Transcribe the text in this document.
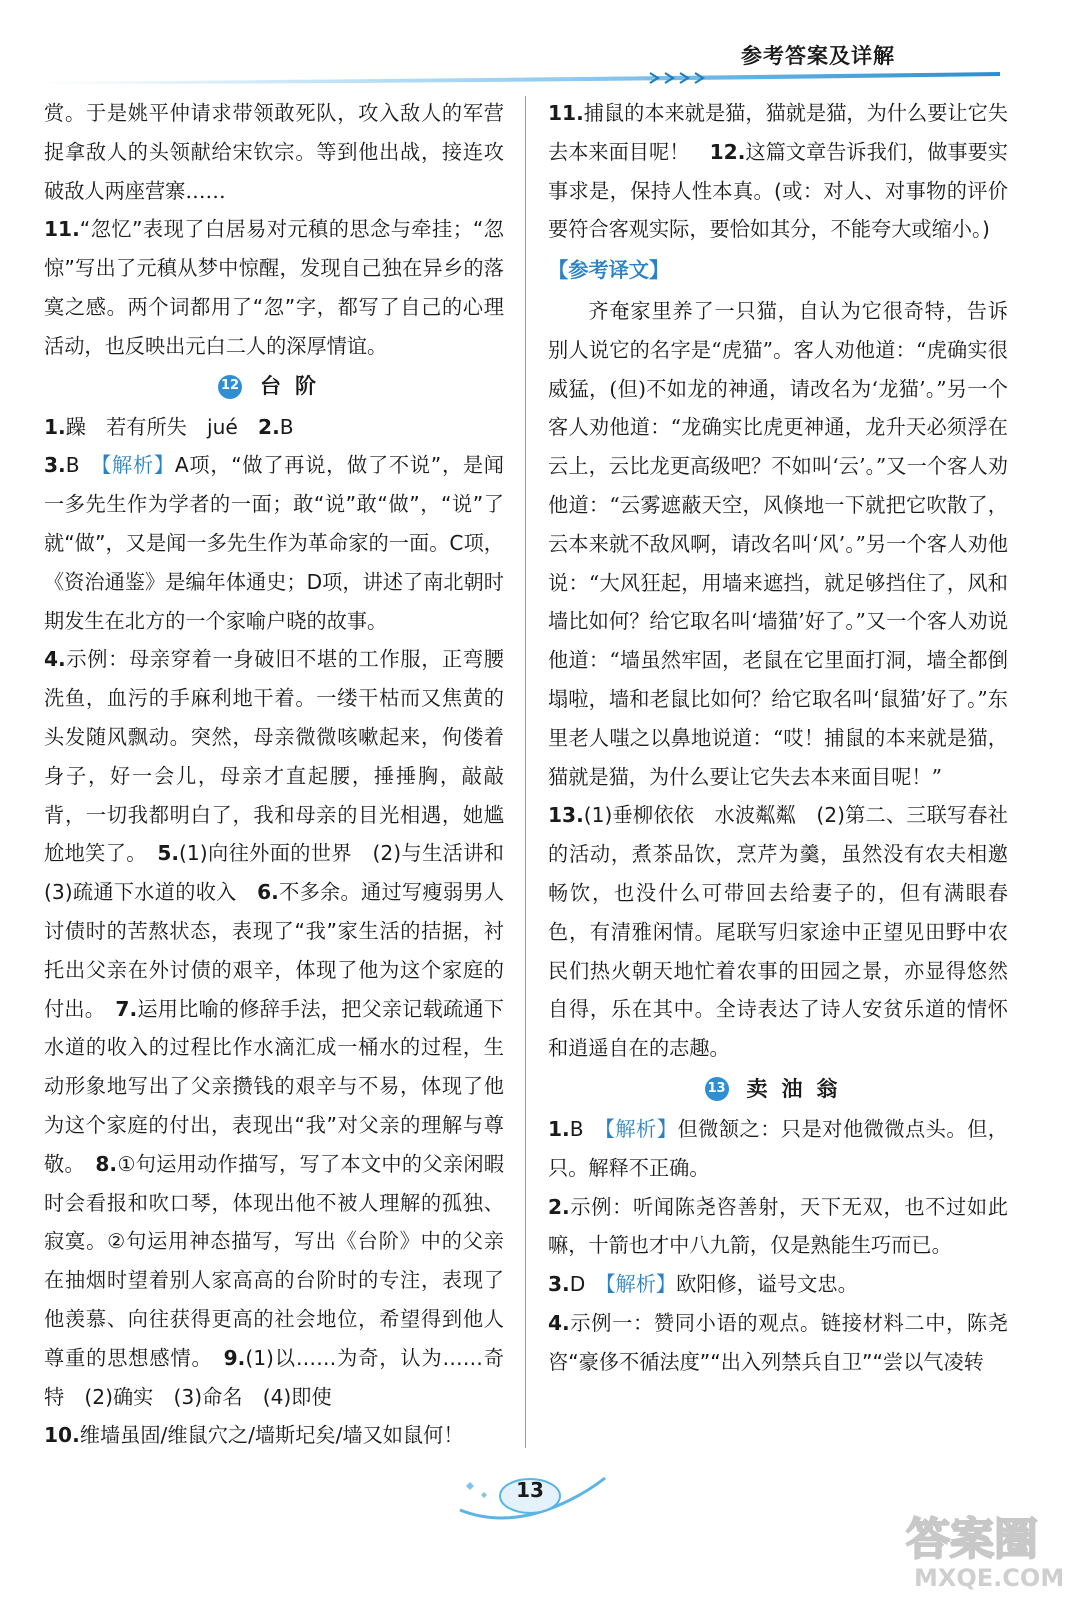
参考答案及详解

赏。于是姚平仲请求带领敢死队，攻入敌人的军营捉拿敌人的头领献给宋钦宗。等到他出战，接连攻破敌人两座营寨……

11.“忽忆”表现了白居易对元稹的思念与牵挂；“忽惊”写出了元稹从梦中惊醒，发现自己独在异乡的落寞之感。两个词都用了“忽”字，都写了自己的心理活动，也反映出元白二人的深厚情谊。

12 台阶

1.躁　若有所失　jué　2.B

3.B　【解析】A项，“做了再说，做了不说”，是闻一多先生作为学者的一面；敢“说”敢“做”，“说”了就“做”，又是闻一多先生作为革命家的一面。C项，《资治通鉴》是编年体通史；D项，讲述了南北朝时期发生在北方的一个家喻户晓的故事。

4.示例：母亲穿着一身破旧不堪的工作服，正弯腰洗鱼，血污的手麻利地干着。一缕干枯而又焦黄的头发随风飘动。突然，母亲微微咳嗽起来，佝偻着身子，好一会儿，母亲才直起腰，捶捶胸，敲敲背，一切我都明白了，我和母亲的目光相遇，她尴尬地笑了。　5.(1)向往外面的世界　(2)与生活讲和　(3)疏通下水道的收入　6.不多余。通过写瘦弱男人讨债时的苦熬状态，表现了“我”家生活的拮据，衬托出父亲在外讨债的艰辛，体现了他为这个家庭的付出。　7.运用比喻的修辞手法，把父亲记载疏通下水道的收入的过程比作水滴汇成一桶水的过程，生动形象地写出了父亲攒钱的艰辛与不易，体现了他为这个家庭的付出，表现出“我”对父亲的理解与尊敬。　8.①句运用动作描写，写了本文中的父亲闲暇时会看报和吹口琴，体现出他不被人理解的孤独、寂寞。②句运用神态描写，写出《台阶》中的父亲在抽烟时望着别人家高高的台阶时的专注，表现了他羡慕、向往获得更高的社会地位，希望得到他人尊重的思想感情。　9.(1)以……为奇，认为……奇特　(2)确实　(3)命名　(4)即使

10.维墙虽固/维鼠穴之/墙斯圮矣/墙又如鼠何！

11.捕鼠的本来就是猫，猫就是猫，为什么要让它失去本来面目呢！　12.这篇文章告诉我们，做事要实事求是，保持人性本真。(或：对人、对事物的评价要符合客观实际，要恰如其分，不能夸大或缩小。)

【参考译文】

齐奄家里养了一只猫，自认为它很奇特，告诉别人说它的名字是“虎猫”。客人劝他道：“虎确实很威猛，(但)不如龙的神通，请改名为‘龙猫’。”另一个客人劝他道：“龙确实比虎更神通，龙升天必须浮在云上，云比龙更高级吧？不如叫‘云’。”又一个客人劝他道：“云雾遮蔽天空，风倏地一下就把它吹散了，云本来就不敌风啊，请改名叫‘风’。”另一个客人劝他说：“大风狂起，用墙来遮挡，就足够挡住了，风和墙比如何？给它取名叫‘墙猫’好了。”又一个客人劝说他道：“墙虽然牢固，老鼠在它里面打洞，墙全都倒塌啦，墙和老鼠比如何？给它取名叫‘鼠猫’好了。”东里老人嗤之以鼻地说道：“哎！捕鼠的本来就是猫，猫就是猫，为什么要让它失去本来面目呢！”

13.(1)垂柳依依　水波粼粼　(2)第二、三联写春社的活动，煮茶品饮，烹芹为羹，虽然没有农夫相邀畅饮，也没什么可带回去给妻子的，但有满眼春色，有清雅闲情。尾联写归家途中正望见田野中农民们热火朝天地忙着农事的田园之景，亦显得悠然自得，乐在其中。全诗表达了诗人安贫乐道的情怀和逍遥自在的志趣。

13 卖油翁

1.B　【解析】但微颔之：只是对他微微点头。但，只。解释不正确。

2.示例：听闻陈尧咨善射，天下无双，也不过如此嘛，十箭也才中八九箭，仅是熟能生巧而已。

3.D　【解析】欧阳修，谥号文忠。

4.示例一：赞同小语的观点。链接材料二中，陈尧咨“豪侈不循法度”“出入列禁兵自卫”“尝以气凌转

13
答案圈
MXQE.COM
